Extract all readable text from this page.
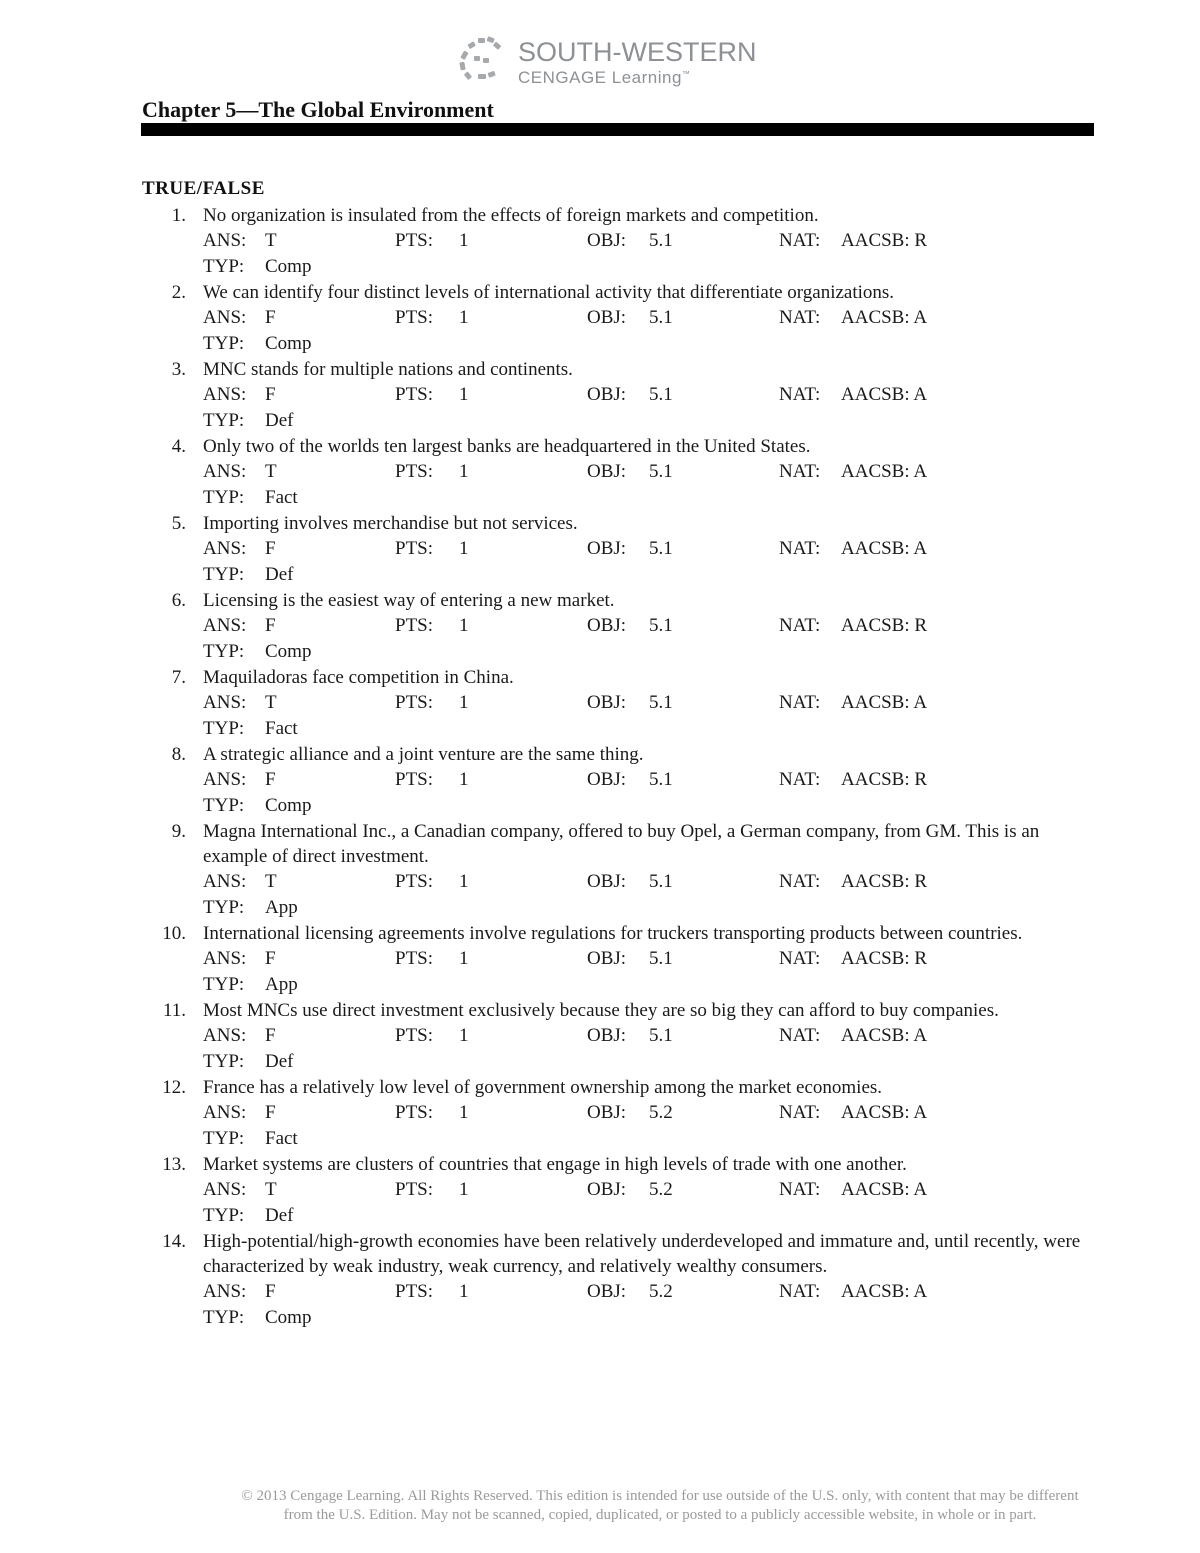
SOUTH-WESTERN
CENGAGE Learning™
Chapter 5—The Global Environment
TRUE/FALSE
1. No organization is insulated from the effects of foreign markets and competition.
ANS: T	PTS: 1	OBJ: 5.1	NAT: AACSB: R
TYP: Comp
2. We can identify four distinct levels of international activity that differentiate organizations.
ANS: F	PTS: 1	OBJ: 5.1	NAT: AACSB: A
TYP: Comp
3. MNC stands for multiple nations and continents.
ANS: F	PTS: 1	OBJ: 5.1	NAT: AACSB: A
TYP: Def
4. Only two of the worlds ten largest banks are headquartered in the United States.
ANS: T	PTS: 1	OBJ: 5.1	NAT: AACSB: A
TYP: Fact
5. Importing involves merchandise but not services.
ANS: F	PTS: 1	OBJ: 5.1	NAT: AACSB: A
TYP: Def
6. Licensing is the easiest way of entering a new market.
ANS: F	PTS: 1	OBJ: 5.1	NAT: AACSB: R
TYP: Comp
7. Maquiladoras face competition in China.
ANS: T	PTS: 1	OBJ: 5.1	NAT: AACSB: A
TYP: Fact
8. A strategic alliance and a joint venture are the same thing.
ANS: F	PTS: 1	OBJ: 5.1	NAT: AACSB: R
TYP: Comp
9. Magna International Inc., a Canadian company, offered to buy Opel, a German company, from GM. This is an example of direct investment.
ANS: T	PTS: 1	OBJ: 5.1	NAT: AACSB: R
TYP: App
10. International licensing agreements involve regulations for truckers transporting products between countries.
ANS: F	PTS: 1	OBJ: 5.1	NAT: AACSB: R
TYP: App
11. Most MNCs use direct investment exclusively because they are so big they can afford to buy companies.
ANS: F	PTS: 1	OBJ: 5.1	NAT: AACSB: A
TYP: Def
12. France has a relatively low level of government ownership among the market economies.
ANS: F	PTS: 1	OBJ: 5.2	NAT: AACSB: A
TYP: Fact
13. Market systems are clusters of countries that engage in high levels of trade with one another.
ANS: T	PTS: 1	OBJ: 5.2	NAT: AACSB: A
TYP: Def
14. High-potential/high-growth economies have been relatively underdeveloped and immature and, until recently, were characterized by weak industry, weak currency, and relatively wealthy consumers.
ANS: F	PTS: 1	OBJ: 5.2	NAT: AACSB: A
TYP: Comp
© 2013 Cengage Learning. All Rights Reserved. This edition is intended for use outside of the U.S. only, with content that may be different
from the U.S. Edition. May not be scanned, copied, duplicated, or posted to a publicly accessible website, in whole or in part.
